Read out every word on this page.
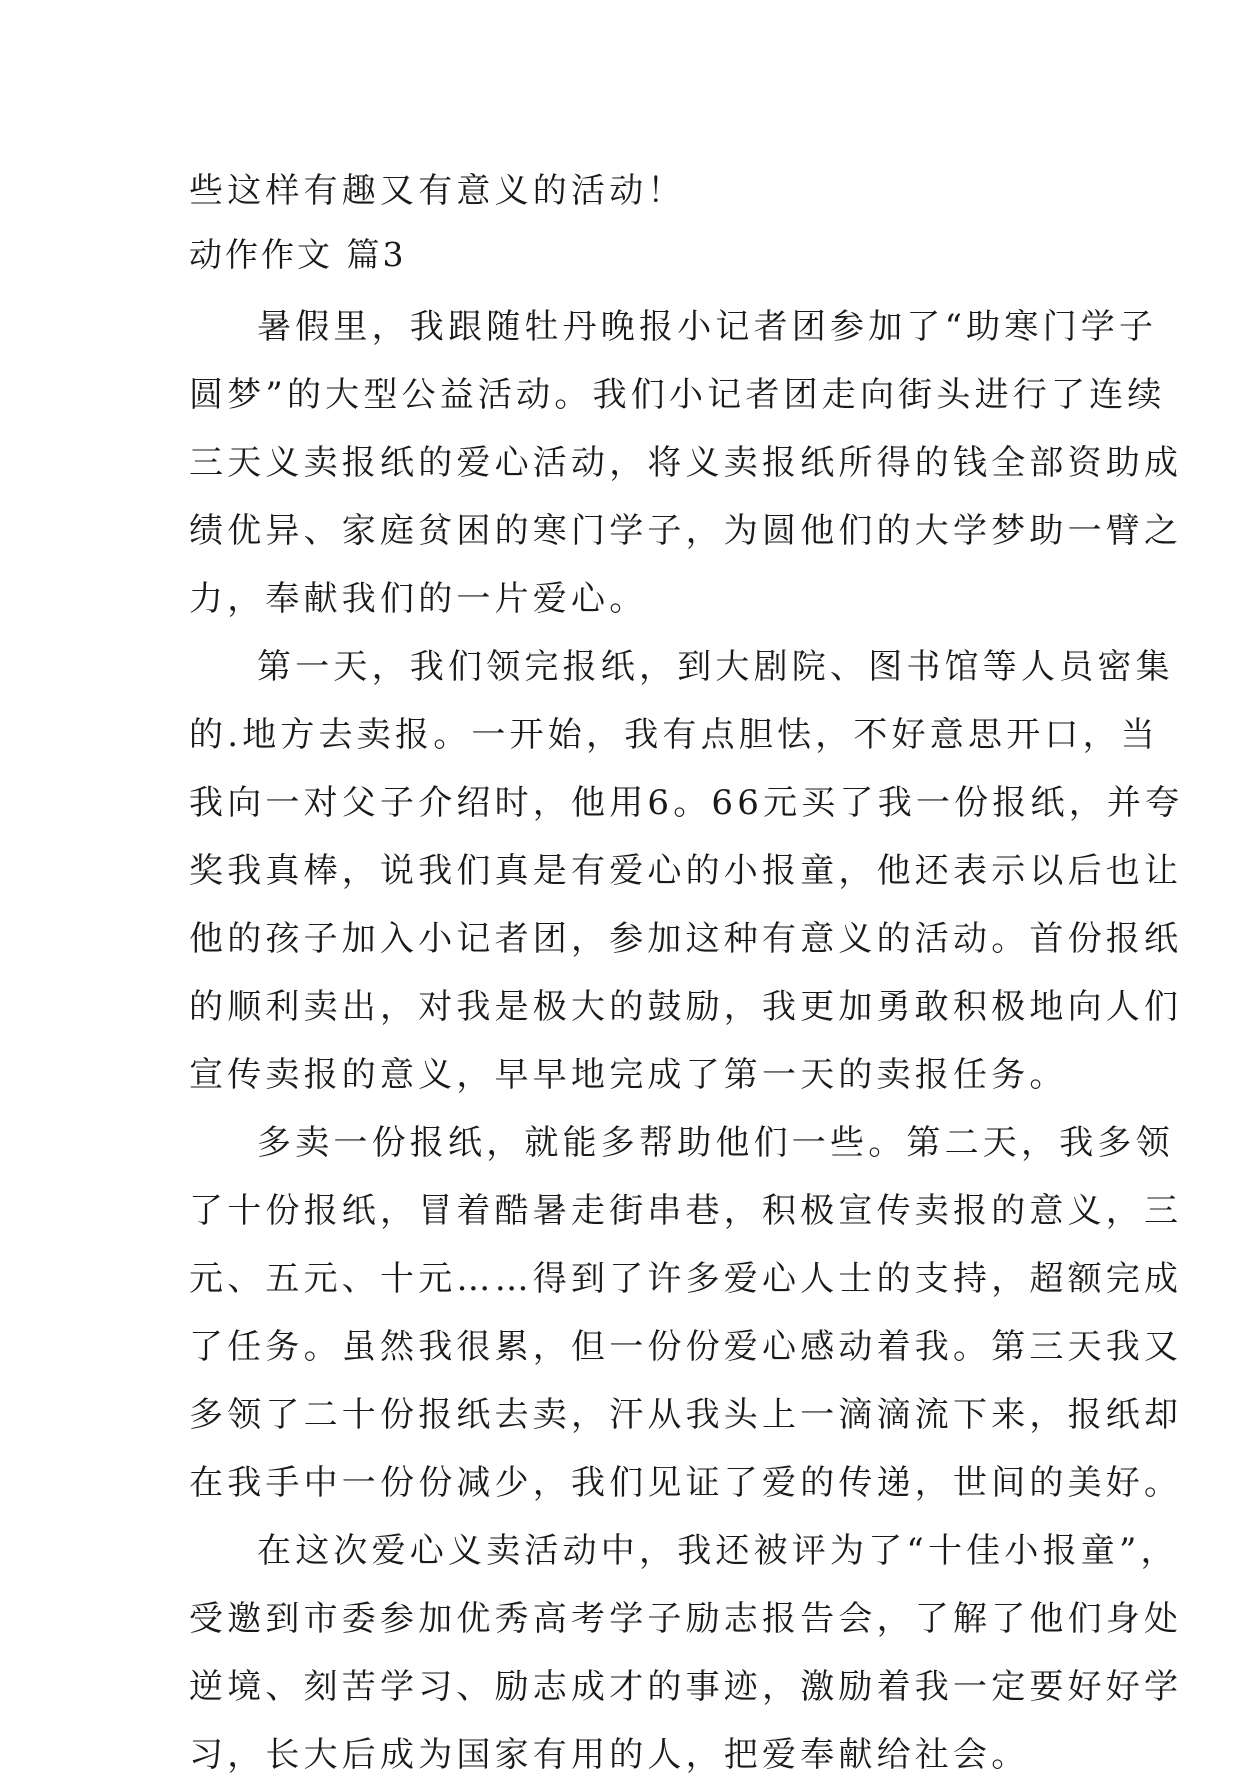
些这样有趣又有意义的活动！
动作作文 篇3
暑假里，我跟随牡丹晚报小记者团参加了“助寒门学子
圆梦”的大型公益活动。我们小记者团走向街头进行了连续
三天义卖报纸的爱心活动，将义卖报纸所得的钱全部资助成
绩优异、家庭贫困的寒门学子，为圆他们的大学梦助一臂之
力，奉献我们的一片爱心。
第一天，我们领完报纸，到大剧院、图书馆等人员密集
的.地方去卖报。一开始，我有点胆怯，不好意思开口，当
我向一对父子介绍时，他用6。66元买了我一份报纸，并夸
奖我真棒，说我们真是有爱心的小报童，他还表示以后也让
他的孩子加入小记者团，参加这种有意义的活动。首份报纸
的顺利卖出，对我是极大的鼓励，我更加勇敢积极地向人们
宣传卖报的意义，早早地完成了第一天的卖报任务。
多卖一份报纸，就能多帮助他们一些。第二天，我多领
了十份报纸，冒着酷暑走街串巷，积极宣传卖报的意义，三
元、五元、十元……得到了许多爱心人士的支持，超额完成
了任务。虽然我很累，但一份份爱心感动着我。第三天我又
多领了二十份报纸去卖，汗从我头上一滴滴流下来，报纸却
在我手中一份份减少，我们见证了爱的传递，世间的美好。
在这次爱心义卖活动中，我还被评为了“十佳小报童”，
受邀到市委参加优秀高考学子励志报告会，了解了他们身处
逆境、刻苦学习、励志成才的事迹，激励着我一定要好好学
习，长大后成为国家有用的人，把爱奉献给社会。
